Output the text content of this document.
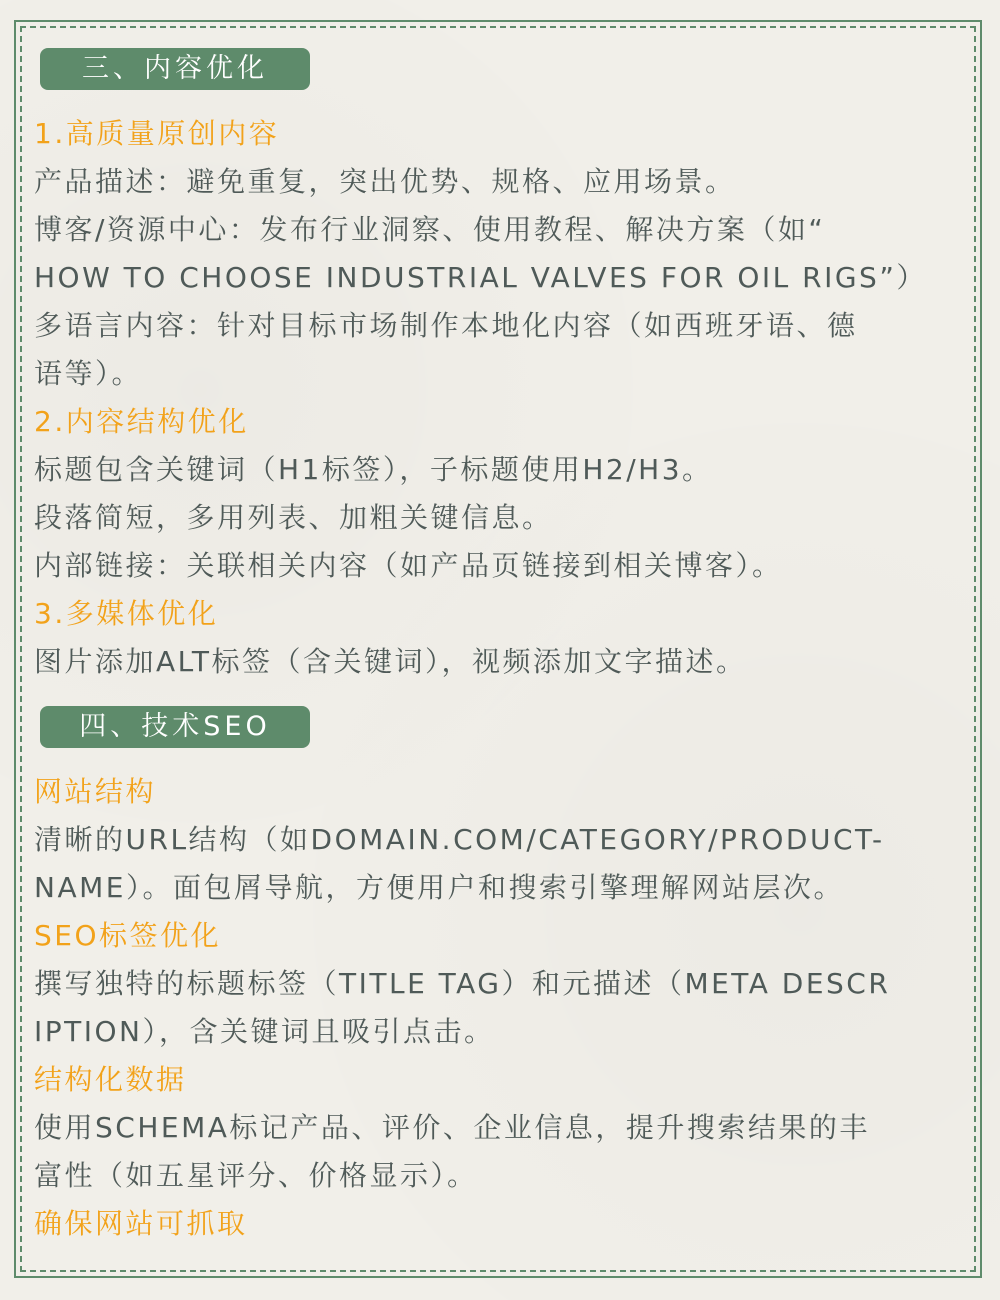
三、内容优化
1.高质量原创内容
产品描述：避免重复，突出优势、规格、应用场景。
博客/资源中心：发布行业洞察、使用教程、解决方案（如“
HOW TO CHOOSE INDUSTRIAL VALVES FOR OIL RIGS”）
多语言内容：针对目标市场制作本地化内容（如西班牙语、德
语等）。
2.内容结构优化
标题包含关键词（H1标签），子标题使用H2/H3。
段落简短，多用列表、加粗关键信息。
内部链接：关联相关内容（如产品页链接到相关博客）。
3.多媒体优化
图片添加ALT标签（含关键词），视频添加文字描述。
四、技术SEO
网站结构
清晰的URL结构（如DOMAIN.COM/CATEGORY/PRODUCT-
NAME）。面包屑导航，方便用户和搜索引擎理解网站层次。
SEO标签优化
撰写独特的标题标签（TITLE TAG）和元描述（META DESCR
IPTION），含关键词且吸引点击。
结构化数据
使用SCHEMA标记产品、评价、企业信息，提升搜索结果的丰
富性（如五星评分、价格显示）。
确保网站可抓取
